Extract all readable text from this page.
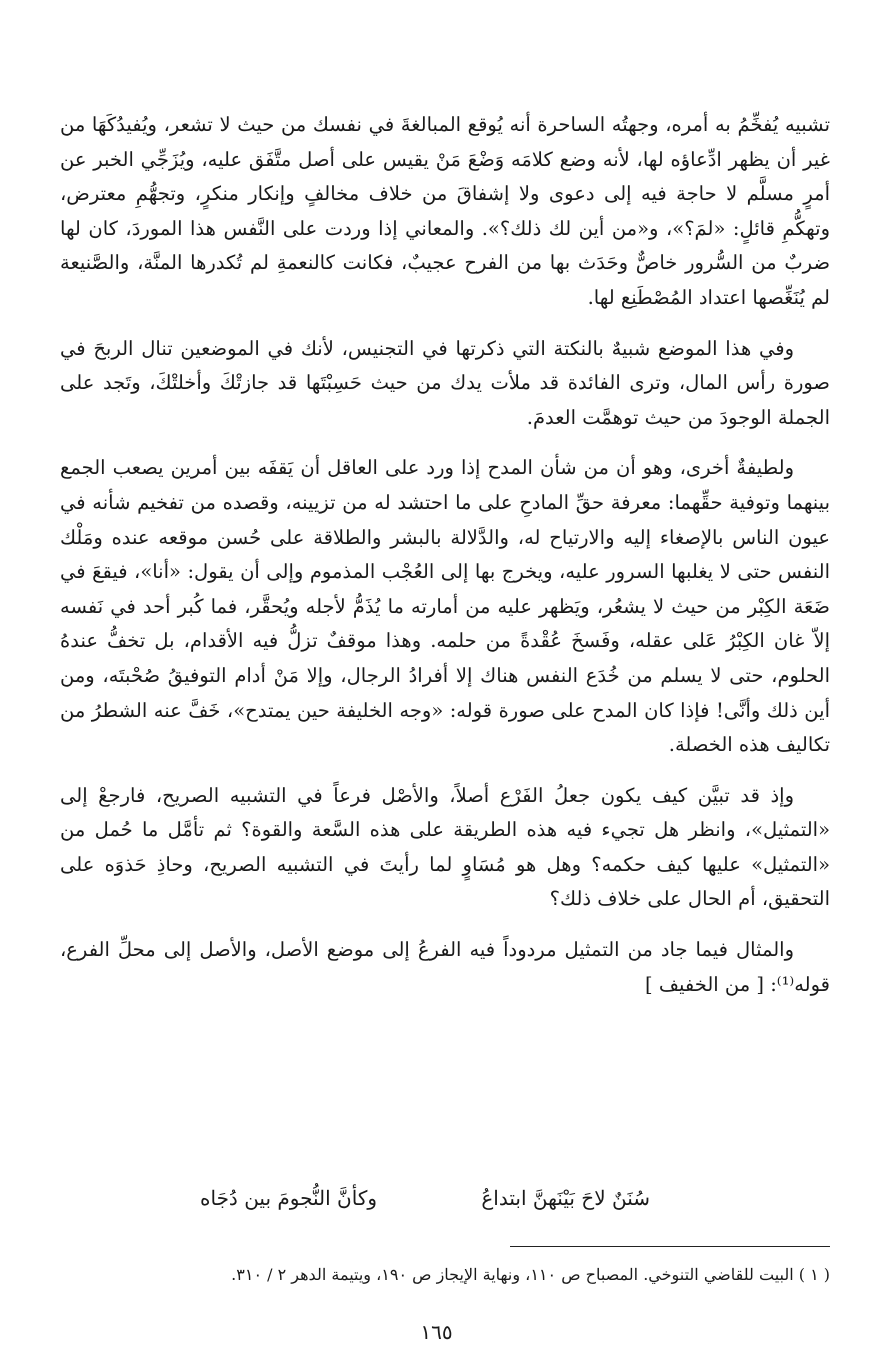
تشبيه يُفخِّمُ به أمره، وجهتُه الساحرة أنه يُوقع المبالغةَ في نفسك من حيث لا تشعر، ويُفيدُكَهَا من غير أن يظهر ادِّعاؤه لها، لأنه وضع كلامَه وَضْعَ مَنْ يقيس على أصل متَّفَق عليه، ويُزَجِّي الخبر عن أمرٍ مسلَّم لا حاجة فيه إلى دعوى ولا إشفاقَ من خلاف مخالفٍ وإنكار منكرٍ، وتجهُّمِ معترض، وتهكُّمِ قائلٍ: «لمَ؟»، و«من أين لك ذلك؟». والمعاني إذا وردت على النَّفس هذا الموردَ، كان لها ضربٌ من السُّرور خاصٌّ وحَدَث بها من الفرح عجيبٌ، فكانت كالنعمةِ لم تُكدرها المنَّة، والصَّنيعة لم يُنَغِّصها اعتداد المُصْطَنِع لها.

وفي هذا الموضع شبيهٌ بالنكتة التي ذكرتها في التجنيس، لأنك في الموضعين تنال الربحَ في صورة رأس المال، وترى الفائدة قد ملأت يدك من حيث حَسِبْتَها قد جازتْكَ وأخلتْكَ، وتَجد على الجملة الوجودَ من حيث توهمَّت العدمَ.

ولطيفةٌ أخرى، وهو أن من شأن المدح إذا ورد على العاقل أن يَقفَه بين أمرين يصعب الجمع بينهما وتوفية حقِّهما: معرفة حقِّ المادحِ على ما احتشد له من تزيينه، وقصده من تفخيم شأنه في عيون الناس بالإصغاء إليه والارتياح له، والدَّلالة بالبشر والطلاقة على حُسن موقعه عنده ومَلْك النفس حتى لا يغلبها السرور عليه، ويخرج بها إلى العُجْب المذموم وإلى أن يقول: «أنا»، فيقعَ في ضَعَة الكِبْر من حيث لا يشعُر، ويَظهر عليه من أمارته ما يُذَمُّ لأجله ويُحقَّر، فما كُبر أحد في نَفسه إلاّ غان الكِبْرُ عَلى عقله، وفَسخَ عُقْدةً من حلمه. وهذا موقفٌ تزلُّ فيه الأقدام، بل تخفُّ عندهُ الحلوم، حتى لا يسلم من خُدَع النفس هناك إلا أفرادُ الرجال، وإلا مَنْ أدام التوفيقُ صُحْبتَه، ومن أين ذلك وأنَّى! فإذا كان المدح على صورة قوله: «وجه الخليفة حين يمتدح»، خَفَّ عنه الشطرُ من تكاليف هذه الخصلة.

وإذ قد تبيَّن كيف يكون جعلُ الفَرْع أصلاً، والأصْل فرعاً في التشبيه الصريح، فارجعْ إلى «التمثيل»، وانظر هل تجيء فيه هذه الطريقة على هذه السَّعة والقوة؟ ثم تأمَّل ما حُمل من «التمثيل» عليها كيف حكمه؟ وهل هو مُسَاوٍ لما رأيتَ في التشبيه الصريح، وحاذِ حَذوَه على التحقيق، أم الحال على خلاف ذلك؟

والمثال فيما جاد من التمثيل مردوداً فيه الفرعُ إلى موضع الأصل، والأصل إلى محلِّ الفرع، قوله⁽¹⁾: [ من الخفيف ]

وكأنَّ النُّجومَ بين دُجَاه	سُنَنٌ لاحَ بَيْنَهنَّ ابتداعُ

( ١ ) البيت للقاضي التنوخي. المصباح ص ١١٠، ونهاية الإيجاز ص ١٩٠، ويتيمة الدهر ٢ / ٣١٠.

١٦٥
